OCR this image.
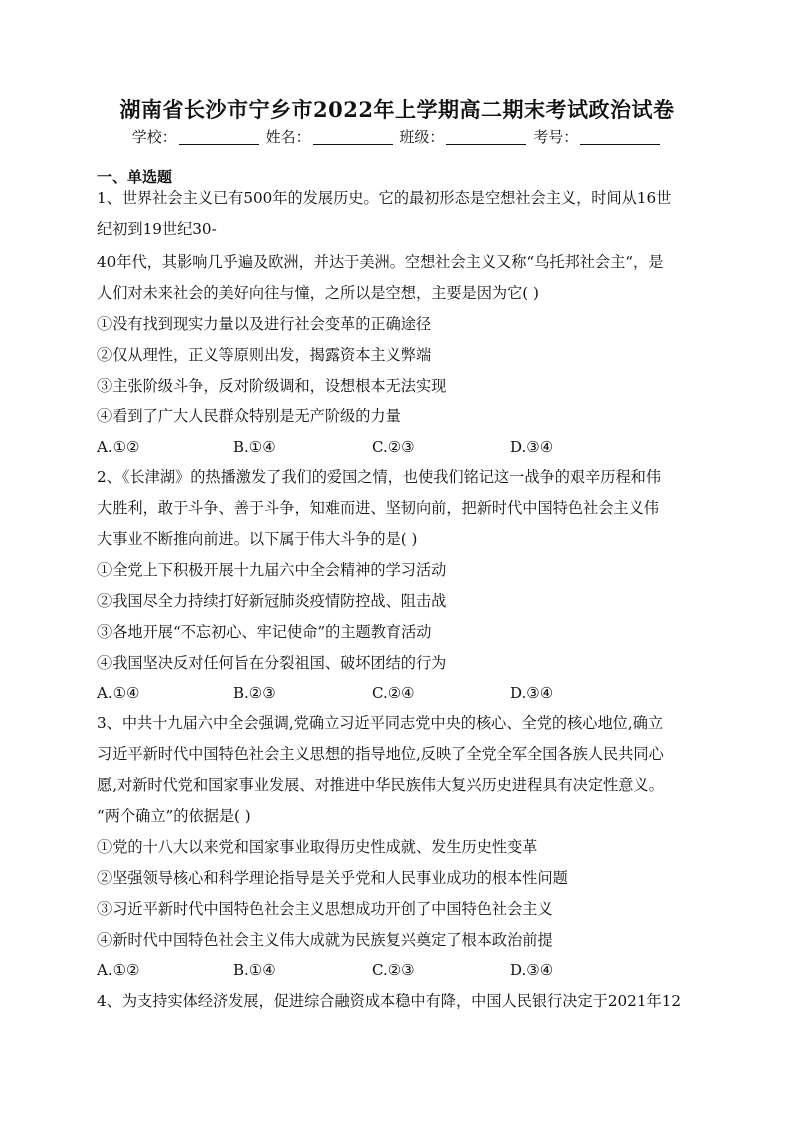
湖南省长沙市宁乡市2022年上学期高二期末考试政治试卷
学校：	姓名：	班级：	考号：
一、单选题
1、世界社会主义已有500年的发展历史。它的最初形态是空想社会主义，时间从16世
纪初到19世纪30-
40年代，其影响几乎遍及欧洲，并达于美洲。空想社会主义又称“乌托邦社会主“，是
人们对未来社会的美好向往与憧，之所以是空想，主要是因为它( )
①没有找到现实力量以及进行社会变革的正确途径
②仅从理性，正义等原则出发，揭露资本主义弊端
③主张阶级斗争，反对阶级调和，设想根本无法实现
④看到了广大人民群众特别是无产阶级的力量
A.①②	B.①④	C.②③	D.③④
2、《长津湖》的热播激发了我们的爱国之情，也使我们铭记这一战争的艰辛历程和伟
大胜利，敢于斗争、善于斗争，知难而进、坚韧向前，把新时代中国特色社会主义伟
大事业不断推向前进。以下属于伟大斗争的是( )
①全党上下积极开展十九届六中全会精神的学习活动
②我国尽全力持续打好新冠肺炎疫情防控战、阻击战
③各地开展“不忘初心、牢记使命”的主题教育活动
④我国坚决反对任何旨在分裂祖国、破坏团结的行为
A.①④	B.②③	C.②④	D.③④
3、中共十九届六中全会强调,党确立习近平同志党中央的核心、全党的核心地位,确立
习近平新时代中国特色社会主义思想的指导地位,反映了全党全军全国各族人民共同心
愿,对新时代党和国家事业发展、对推进中华民族伟大复兴历史进程具有决定性意义。
“两个确立”的依据是( )
①党的十八大以来党和国家事业取得历史性成就、发生历史性变革
②坚强领导核心和科学理论指导是关乎党和人民事业成功的根本性问题
③习近平新时代中国特色社会主义思想成功开创了中国特色社会主义
④新时代中国特色社会主义伟大成就为民族复兴奠定了根本政治前提
A.①②	B.①④	C.②③	D.③④
4、为支持实体经济发展，促进综合融资成本稳中有降，中国人民银行决定于2021年12
